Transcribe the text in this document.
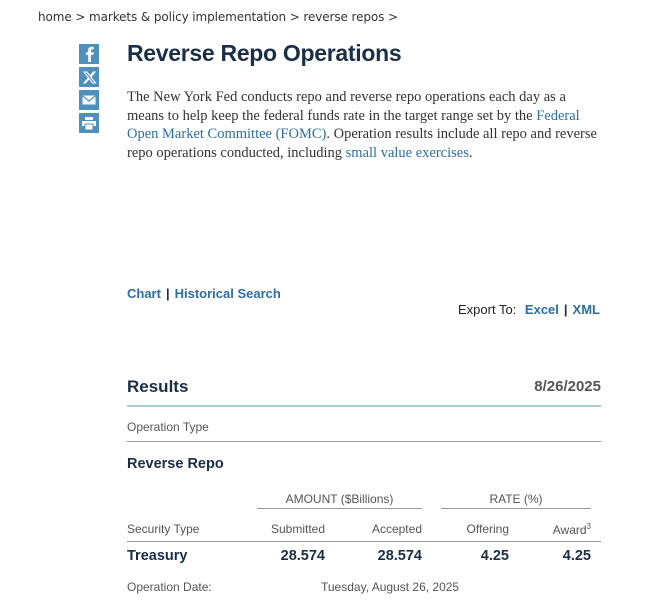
home > markets & policy implementation > reverse repos >
Reverse Repo Operations
The New York Fed conducts repo and reverse repo operations each day as a means to help keep the federal funds rate in the target range set by the Federal Open Market Committee (FOMC). Operation results include all repo and reverse repo operations conducted, including small value exercises.
Chart | Historical Search
Export To: Excel | XML
Results	8/26/2025
Operation Type
Reverse Repo
AMOUNT ($Billions)	RATE (%)
Security Type	Submitted	Accepted	Offering	Award$^3$
Treasury	28.574	28.574	4.25	4.25
Operation Date:	Tuesday, August 26, 2025
